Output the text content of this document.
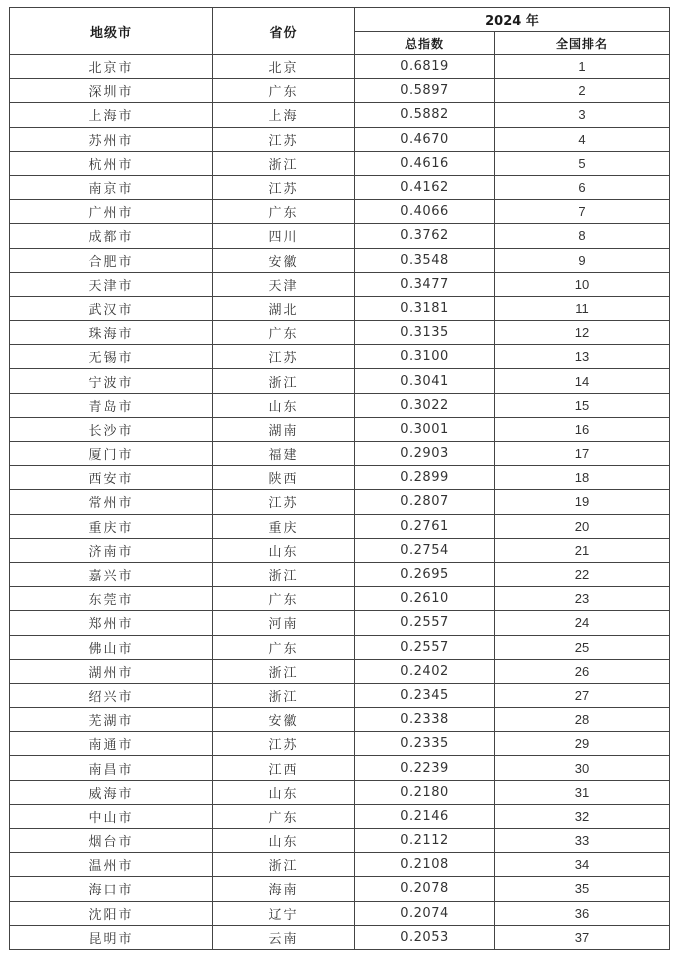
地级市	省份	2024 年	
		总指数	全国排名
北京市	北京	0.6819	1
深圳市	广东	0.5897	2
上海市	上海	0.5882	3
苏州市	江苏	0.4670	4
杭州市	浙江	0.4616	5
南京市	江苏	0.4162	6
广州市	广东	0.4066	7
成都市	四川	0.3762	8
合肥市	安徽	0.3548	9
天津市	天津	0.3477	10
武汉市	湖北	0.3181	11
珠海市	广东	0.3135	12
无锡市	江苏	0.3100	13
宁波市	浙江	0.3041	14
青岛市	山东	0.3022	15
长沙市	湖南	0.3001	16
厦门市	福建	0.2903	17
西安市	陕西	0.2899	18
常州市	江苏	0.2807	19
重庆市	重庆	0.2761	20
济南市	山东	0.2754	21
嘉兴市	浙江	0.2695	22
东莞市	广东	0.2610	23
郑州市	河南	0.2557	24
佛山市	广东	0.2557	25
湖州市	浙江	0.2402	26
绍兴市	浙江	0.2345	27
芜湖市	安徽	0.2338	28
南通市	江苏	0.2335	29
南昌市	江西	0.2239	30
威海市	山东	0.2180	31
中山市	广东	0.2146	32
烟台市	山东	0.2112	33
温州市	浙江	0.2108	34
海口市	海南	0.2078	35
沈阳市	辽宁	0.2074	36
昆明市	云南	0.2053	37
